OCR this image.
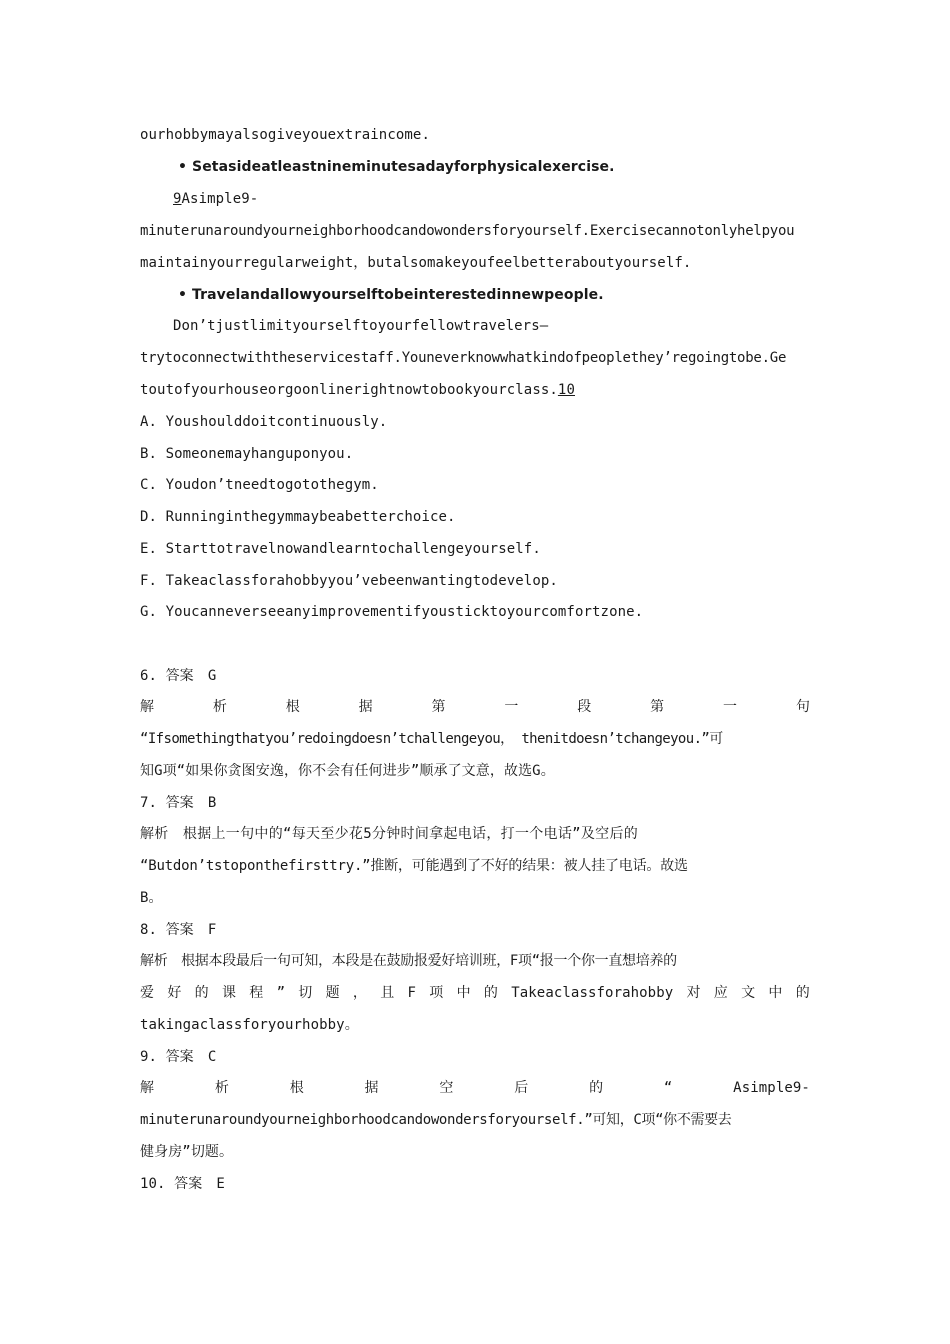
ourhobbymayalsogiveyouextraincome.
• Setasideatleastnineminutesadayforphysicalexercise.
9Asimple9-
minuterunaroundyourneighborhoodcandowondersforyourself.Exercisecannotonlyhelpyou
maintainyourregularweight，butalsomakeyoufeelbetteraboutyourself.
• Travelandallowyourselftobeinterestedinnewpeople.
Don’tjustlimityourselftoyourfellowtravelers—
trytoconnectwiththeservicestaff.Youneverknowwhatkindofpeoplethey’regoingtobe.Ge
toutofyourhouseorgoonlinerightnowtobookyourclass.10
A. Youshoulddoitcontinuously.
B. Someonemayhanguponyou.
C. Youdon’tneedtogotothegym.
D. Runninginthegymmaybeabetterchoice.
E. Starttotravelnowandlearntochallengeyourself.
F. Takeaclassforahobbyyou’vebeenwantingtodevelop.
G. Youcanneverseeanyimprovementifyousticktoyourcomfortzone.
6. 答案　G
解	析	根	据	第	一	段	第	一	句
“Ifsomethingthatyou’redoingdoesn’tchallengeyou， thenitdoesn’tchangeyou.”可
知G项“如果你贪图安逸，你不会有任何进步”顺承了文意，故选G。
7. 答案　B
解析　根据上一句中的“每天至少花5分钟时间拿起电话，打一个电话”及空后的
“Butdon’tstoponthefirsttry.”推断，可能遇到了不好的结果：被人挂了电话。故选
B。
8. 答案　F
解析　根据本段最后一句可知，本段是在鼓励报爱好培训班，F项“报一个你一直想培养的
爱 好 的 课 程 ” 切 题 ， 且 F 项 中 的 Takeaclassforahobby 对 应 文 中 的
takingaclassforyourhobby。
9. 答案　C
解	析	根	据	空	后	的	“	Asimple9-
minuterunaroundyourneighborhoodcandowondersforyourself.”可知，C项“你不需要去
健身房”切题。
10. 答案　E
